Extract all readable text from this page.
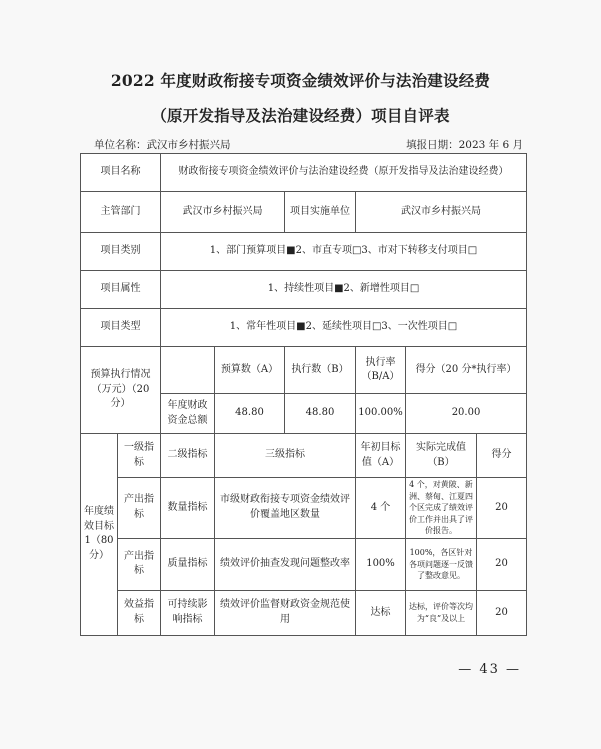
2022 年度财政衔接专项资金绩效评价与法治建设经费
（原开发指导及法治建设经费）项目自评表
单位名称：武汉市乡村振兴局	填报日期：2023 年 6 月
项目名称		财政衔接专项资金绩效评价与法治建设经费（原开发指导及法治建设经费）					
主管部门		武汉市乡村振兴局		项目实施单位	武汉市乡村振兴局		
项目类别		1、部门预算项目■2、市直专项□3、市对下转移支付项目□					
项目属性		1、持续性项目■2、新增性项目□					
项目类型		1、常年性项目■2、延续性项目□3、一次性项目□					
预算执行情况（万元）（20 分）			预算数（A）	执行数（B）	执行率（B/A）	得分（20 分*执行率）	
		年度财政资金总额	48.80	48.80	100.00%	20.00	
年度绩效目标 1（80 分）	一级指标	二级指标	三级指标		年初目标值（A）	实际完成值（B）	得分
	产出指标	数量指标	市级财政衔接专项资金绩效评价覆盖地区数量		4 个	4 个，对黄陂、新洲、蔡甸、江夏四个区完成了绩效评价工作并出具了评价报告。	20
	产出指标	质量指标	绩效评价抽查发现问题整改率		100%	100%，各区针对各项问题逐一反馈了整改意见。	20
	效益指标	可持续影响指标	绩效评价监督财政资金规范使用		达标	达标，评价等次均为“良”及以上	20
— 43 —
